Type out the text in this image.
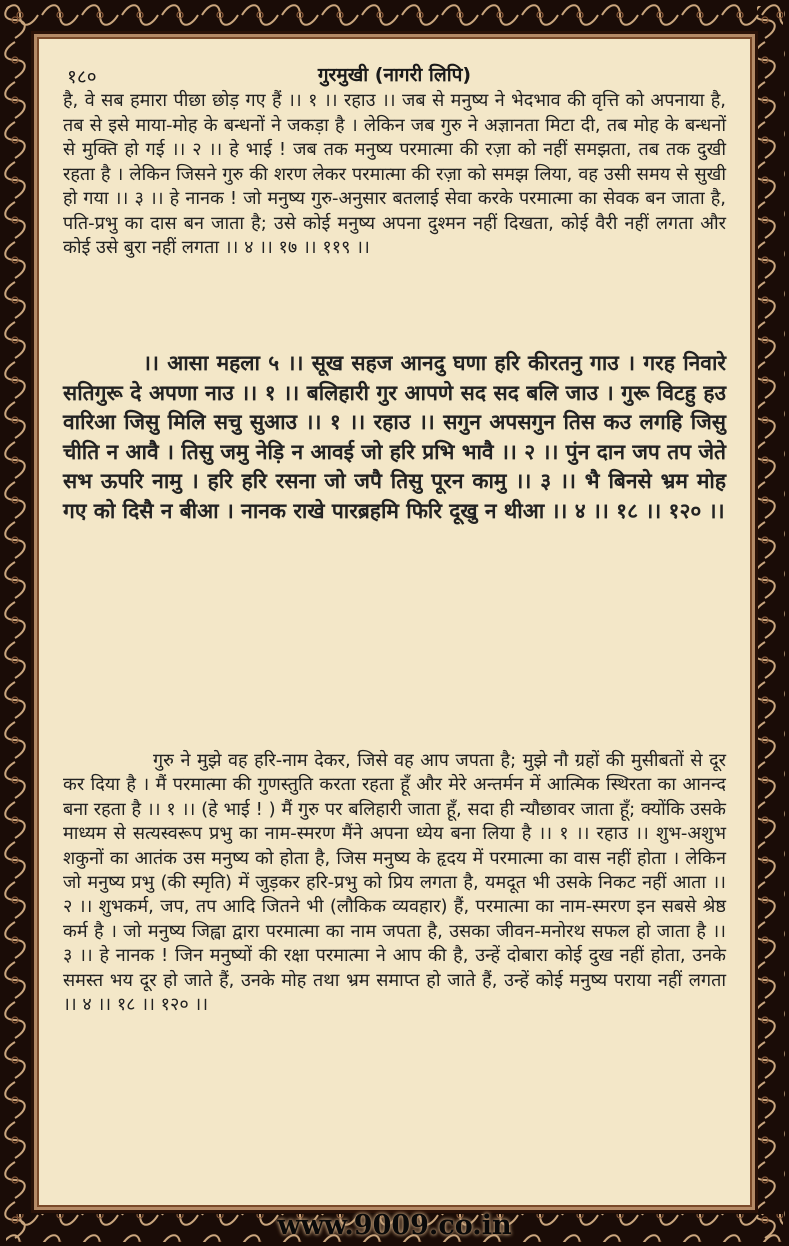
१८०	गुरमुखी (नागरी लिपि)
है, वे सब हमारा पीछा छोड़ गए हैं ।। १ ।। रहाउ ।। जब से मनुष्य ने भेदभाव की वृत्ति को अपनाया है, तब से इसे माया-मोह के बन्धनों ने जकड़ा है । लेकिन जब गुरु ने अज्ञानता मिटा दी, तब मोह के बन्धनों से मुक्ति हो गई ।। २ ।। हे भाई ! जब तक मनुष्य परमात्मा की रज़ा को नहीं समझता, तब तक दुखी रहता है । लेकिन जिसने गुरु की शरण लेकर परमात्मा की रज़ा को समझ लिया, वह उसी समय से सुखी हो गया ।। ३ ।। हे नानक ! जो मनुष्य गुरु-अनुसार बतलाई सेवा करके परमात्मा का सेवक बन जाता है, पति-प्रभु का दास बन जाता है; उसे कोई मनुष्य अपना दुश्मन नहीं दिखता, कोई वैरी नहीं लगता और कोई उसे बुरा नहीं लगता ।। ४ ।। १७ ।। ११९ ।।
।। आसा महला ५ ।। सूख सहज आनदु घणा हरि कीरतनु गाउ । गरह निवारे सतिगुरू दे अपणा नाउ ।। १ ।। बलिहारी गुर आपणे सद सद बलि जाउ । गुरू विटहु हउ वारिआ जिसु मिलि सचु सुआउ ।। १ ।। रहाउ ।। सगुन अपसगुन तिस कउ लगहि जिसु चीति न आवै । तिसु जमु नेड़ि न आवई जो हरि प्रभि भावै ।। २ ।। पुंन दान जप तप जेते सभ ऊपरि नामु । हरि हरि रसना जो जपै तिसु पूरन कामु ।। ३ ।। भै बिनसे भ्रम मोह गए को दिसै न बीआ । नानक राखे पारब्रहमि फिरि दूखु न थीआ ।। ४ ।। १८ ।। १२० ।।
गुरु ने मुझे वह हरि-नाम देकर, जिसे वह आप जपता है; मुझे नौ ग्रहों की मुसीबतों से दूर कर दिया है । मैं परमात्मा की गुणस्तुति करता रहता हूँ और मेरे अन्तर्मन में आत्मिक स्थिरता का आनन्द बना रहता है ।। १ ।। (हे भाई ! ) मैं गुरु पर बलिहारी जाता हूँ, सदा ही न्यौछावर जाता हूँ; क्योंकि उसके माध्यम से सत्यस्वरूप प्रभु का नाम-स्मरण मैंने अपना ध्येय बना लिया है ।। १ ।। रहाउ ।। शुभ-अशुभ शकुनों का आतंक उस मनुष्य को होता है, जिस मनुष्य के हृदय में परमात्मा का वास नहीं होता । लेकिन जो मनुष्य प्रभु (की स्मृति) में जुड़कर हरि-प्रभु को प्रिय लगता है, यमदूत भी उसके निकट नहीं आता ।। २ ।। शुभकर्म, जप, तप आदि जितने भी (लौकिक व्यवहार) हैं, परमात्मा का नाम-स्मरण इन सबसे श्रेष्ठ कर्म है । जो मनुष्य जिह्वा द्वारा परमात्मा का नाम जपता है, उसका जीवन-मनोरथ सफल हो जाता है ।। ३ ।। हे नानक ! जिन मनुष्यों की रक्षा परमात्मा ने आप की है, उन्हें दोबारा कोई दुख नहीं होता, उनके समस्त भय दूर हो जाते हैं, उनके मोह तथा भ्रम समाप्त हो जाते हैं, उन्हें कोई मनुष्य पराया नहीं लगता ।। ४ ।। १८ ।। १२० ।।
www.9009.co.in
